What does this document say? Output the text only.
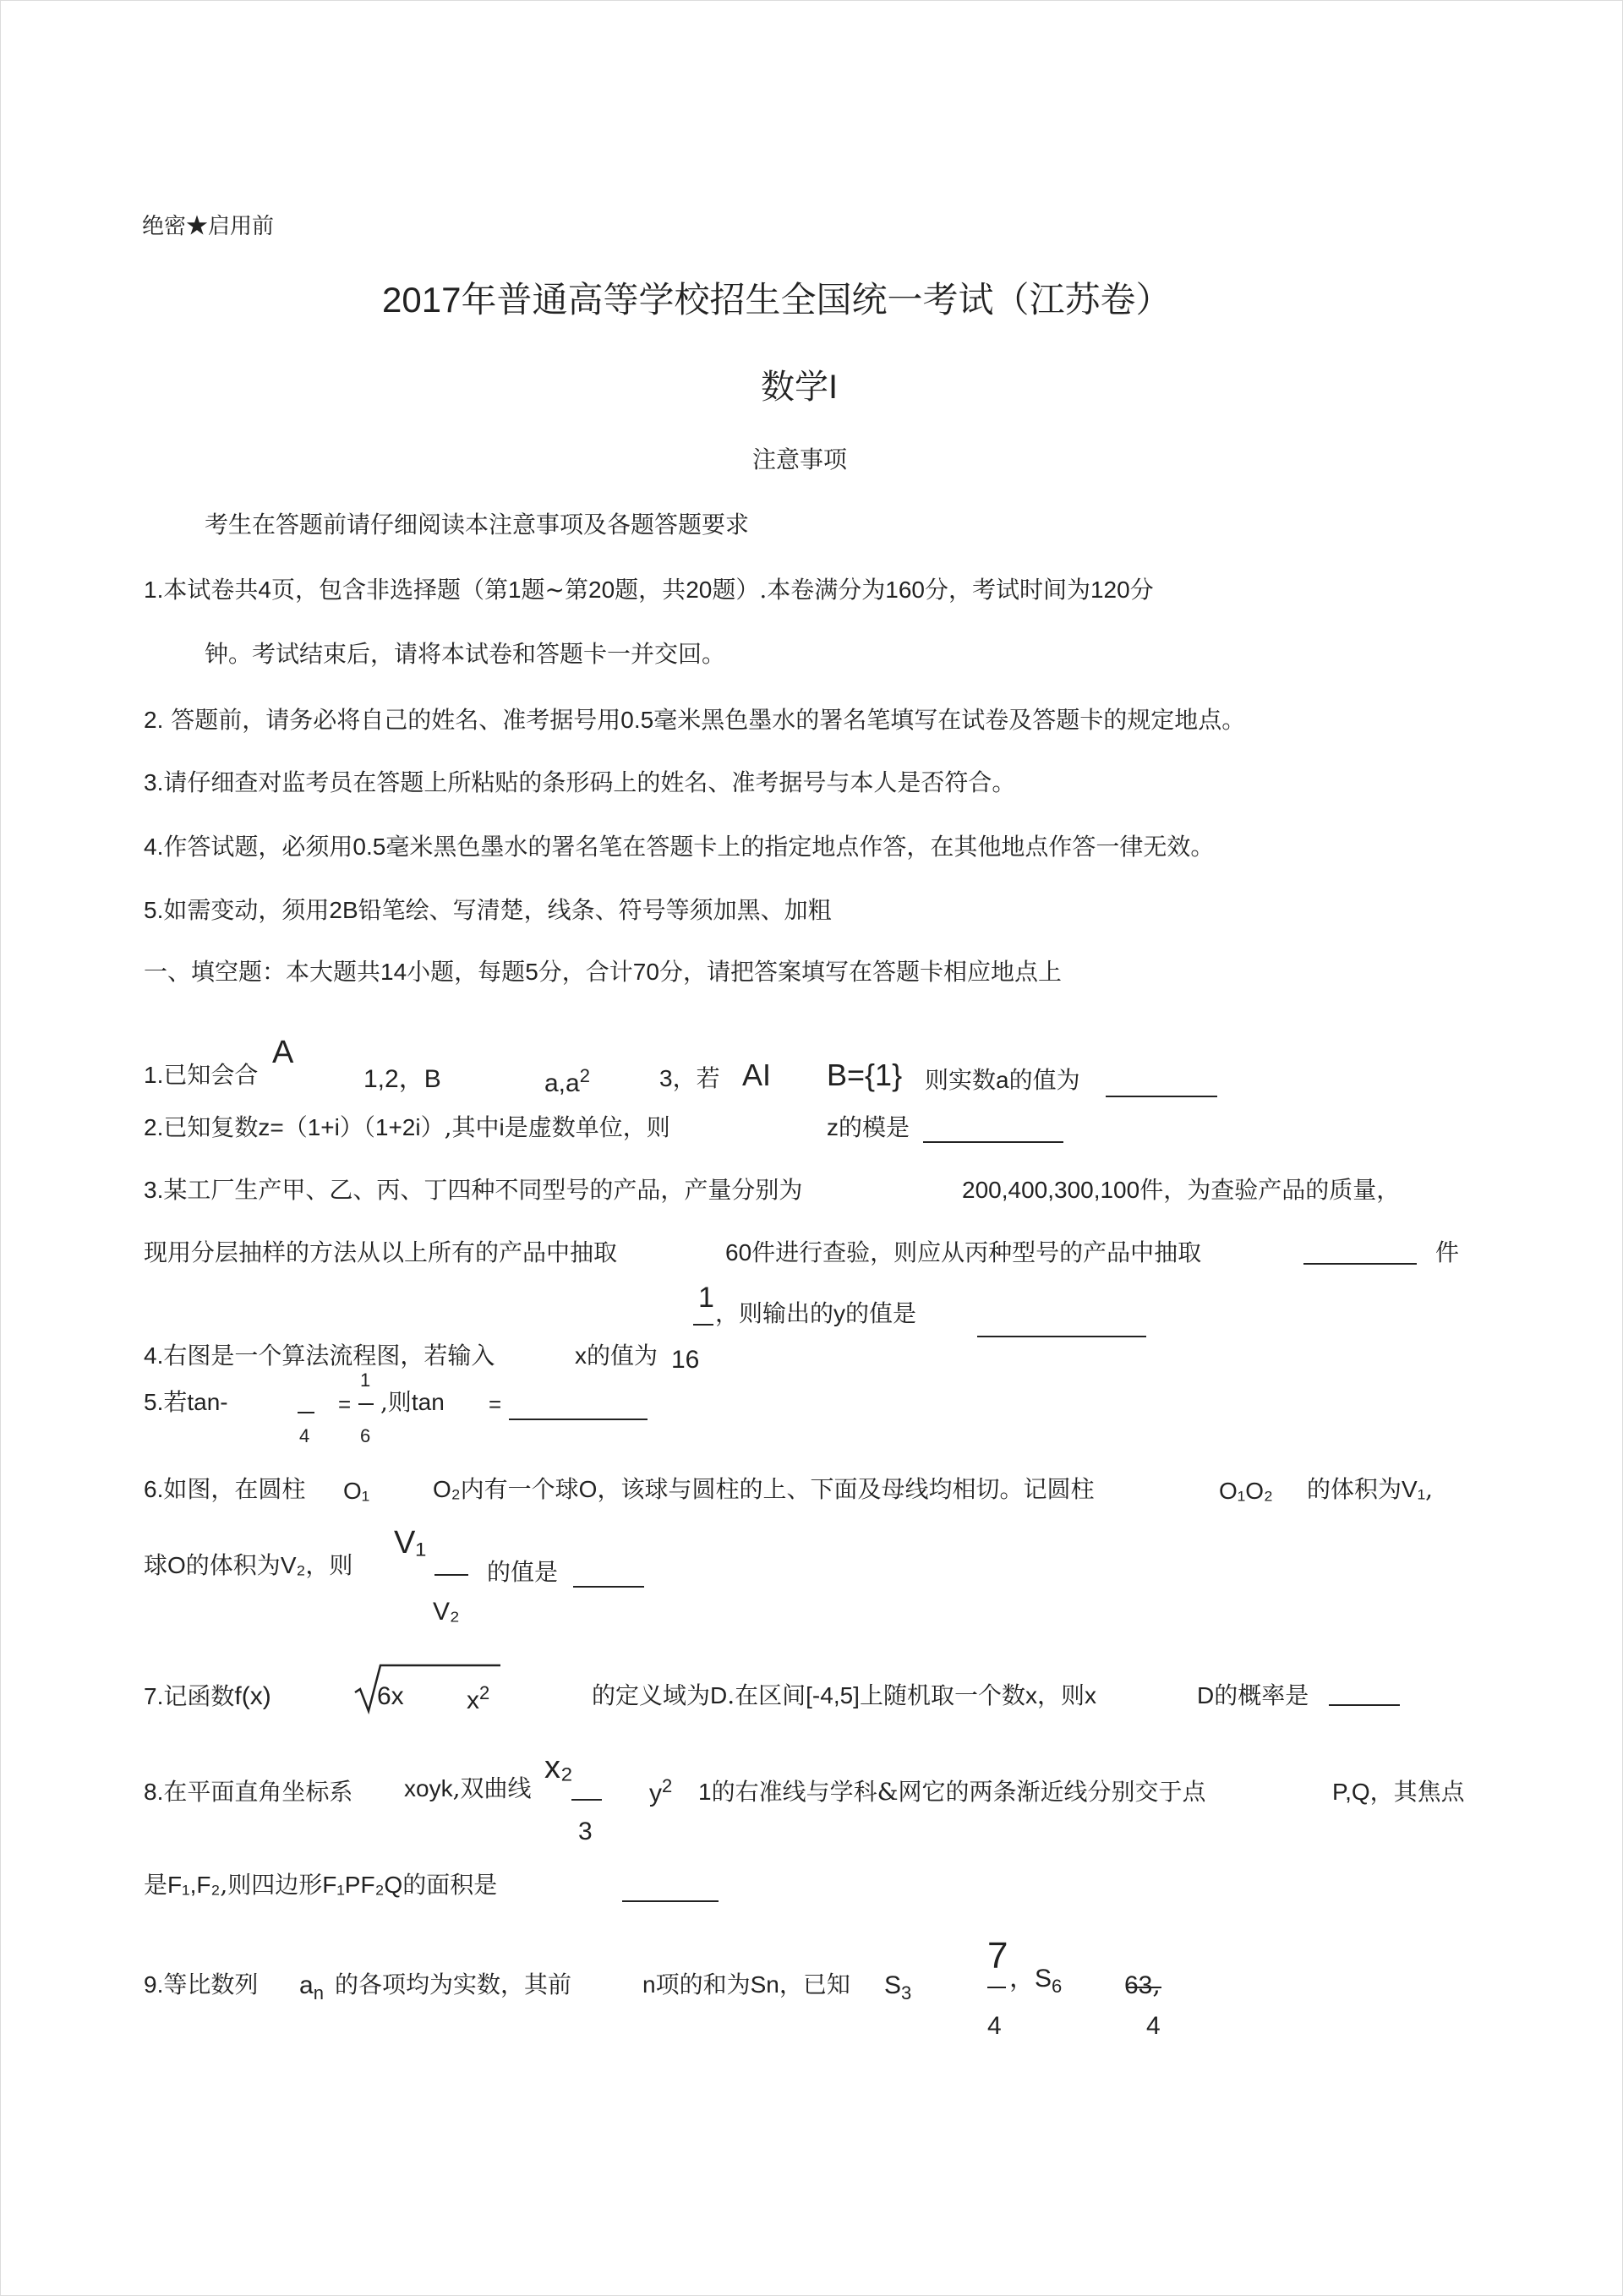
绝密★启用前
2017年普通高等学校招生全国统一考试（江苏卷）
数学I
注意事项
考生在答题前请仔细阅读本注意事项及各题答题要求
1.本试卷共4页，包含非选择题（第1题~第20题，共20题）.本卷满分为160分，考试时间为120分
钟。考试结束后，请将本试卷和答题卡一并交回。
2. 答题前，请务必将自己的姓名、准考据号用0.5毫米黑色墨水的署名笔填写在试卷及答题卡的规定地点。
3.请仔细查对监考员在答题上所粘贴的条形码上的姓名、准考据号与本人是否符合。
4.作答试题，必须用0.5毫米黑色墨水的署名笔在答题卡上的指定地点作答，在其他地点作答一律无效。
5.如需变动，须用2B铅笔绘、写清楚，线条、符号等须加黑、加粗
一、填空题：本大题共14小题，每题5分，合计70分，请把答案填写在答题卡相应地点上
1.已知会合
A
1,2，B	$a,a^2$	3，若 AI B={1} 则实数a的值为
2.已知复数z=（1+i）（1+2i）,其中i是虚数单位，则	z的模是
3.某工厂生产甲、乙、丙、丁四种不同型号的产品，产量分别为	200,400,300,100件，为查验产品的质量，
现用分层抽样的方法从以上所有的产品中抽取	60件进行查验，则应从丙种型号的产品中抽取	件
1 ，则输出的y的值是
4.右图是一个算法流程图，若输入	x的值为 16
5.若tan-
4
=
1
6
,则tan =
6.如图，在圆柱 O₁	O₂内有一个球O，该球与圆柱的上、下面及母线均相切。记圆柱	O₁O₂ 的体积为V₁,
球O的体积为V₂，则
V₁
V₂
的值是
7.记函数f(x)	6x $x^2$	的定义域为D.在区间[-4,5]上随机取一个数x，则x	D的概率是
8.在平面直角坐标系 xoyk,双曲线
x₂
3
$y^2$ 1的右准线与学科&网它的两条渐近线分别交于点	P,Q，其焦点
是F₁,F₂,则四边形F₁PF₂Q的面积是
9.等比数列 $a_n$ 的各项均为实数，其前	n项的和为Sn，已知 $S_3$
7
4
，$S_6$ 63,
4
